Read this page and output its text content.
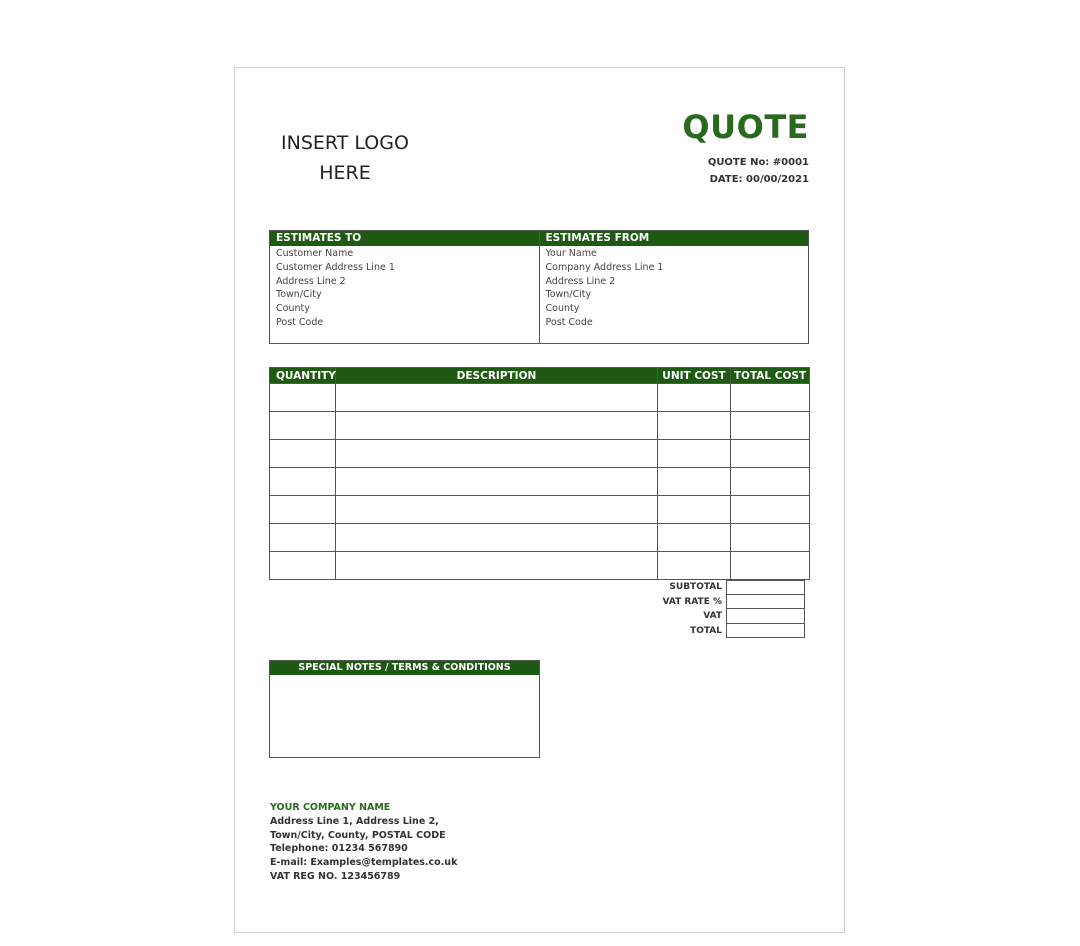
INSERT LOGO
HERE
QUOTE
QUOTE No: #0001
DATE: 00/00/2021
ESTIMATES TO
Customer Name
Customer Address Line 1
Address Line 2
Town/City
County
Post Code
ESTIMATES FROM
Your Name
Company Address Line 1
Address Line 2
Town/City
County
Post Code
QUANTITY	DESCRIPTION	UNIT COST	TOTAL COST

SUBTOTAL
VAT RATE %
VAT
TOTAL
SPECIAL NOTES / TERMS & CONDITIONS
YOUR COMPANY NAME
Address Line 1, Address Line 2,
Town/City, County, POSTAL CODE
Telephone: 01234 567890
E-mail: Examples@templates.co.uk
VAT REG NO. 123456789
